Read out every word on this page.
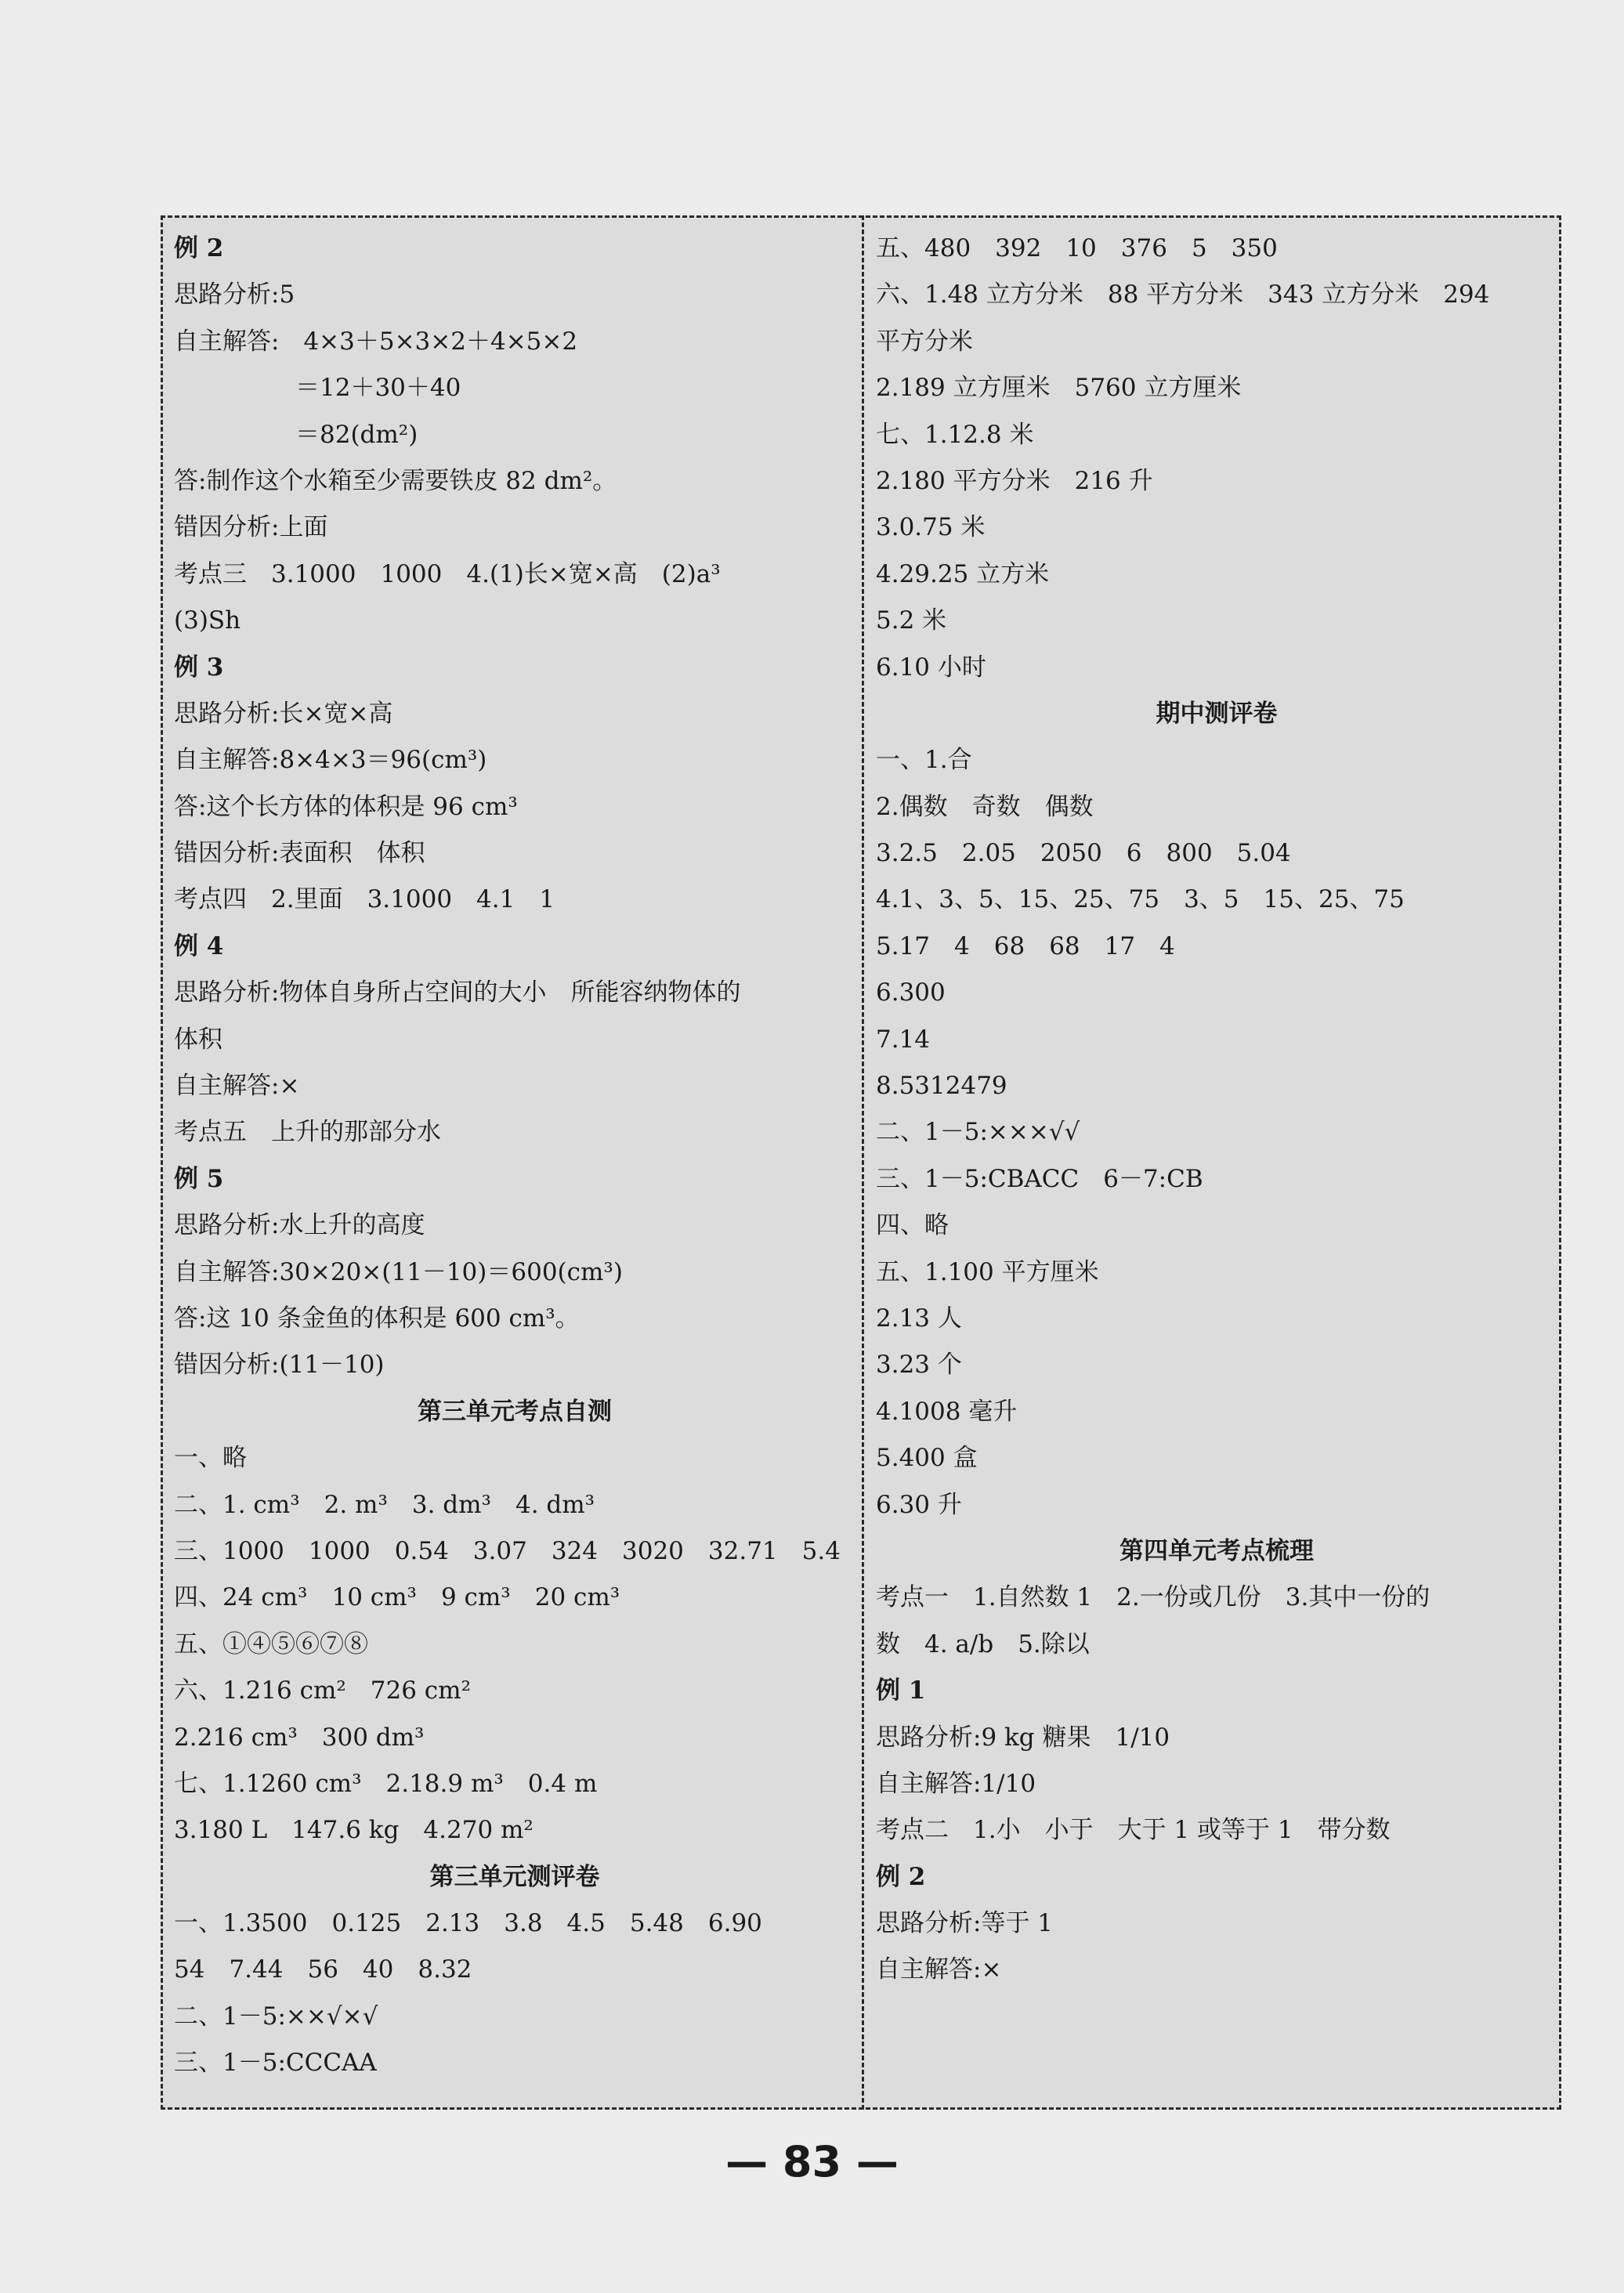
例 2
思路分析:5
自主解答:　4×3＋5×3×2＋4×5×2
　　　　　＝12＋30＋40
　　　　　＝82(dm²)
答:制作这个水箱至少需要铁皮 82 dm²。
错因分析:上面
考点三　3.1000　1000　4.(1)长×宽×高　(2)a³
(3)Sh
例 3
思路分析:长×宽×高
自主解答:8×4×3＝96(cm³)
答:这个长方体的体积是 96 cm³
错因分析:表面积　体积
考点四　2.里面　3.1000　4.1　1
例 4
思路分析:物体自身所占空间的大小　所能容纳物体的
体积
自主解答:×
考点五　上升的那部分水
例 5
思路分析:水上升的高度
自主解答:30×20×(11－10)＝600(cm³)
答:这 10 条金鱼的体积是 600 cm³。
错因分析:(11－10)
第三单元考点自测
一、略
二、1. cm³　2. m³　3. dm³　4. dm³
三、1000　1000　0.54　3.07　324　3020　32.71　5.4
四、24 cm³　10 cm³　9 cm³　20 cm³
五、①④⑤⑥⑦⑧
六、1.216 cm²　726 cm²
2.216 cm³　300 dm³
七、1.1260 cm³　2.18.9 m³　0.4 m
3.180 L　147.6 kg　4.270 m²
第三单元测评卷
一、1.3500　0.125　2.13　3.8　4.5　5.48　6.90
54　7.44　56　40　8.32
二、1－5:××√×√
三、1－5:CCCAA
五、480　392　10　376　5　350
六、1.48 立方分米　88 平方分米　343 立方分米　294
平方分米
2.189 立方厘米　5760 立方厘米
七、1.12.8 米
2.180 平方分米　216 升
3.0.75 米
4.29.25 立方米
5.2 米
6.10 小时
期中测评卷
一、1.合
2.偶数　奇数　偶数
3.2.5　2.05　2050　6　800　5.04
4.1、3、5、15、25、75　3、5　15、25、75
5.17　4　68　68　17　4
6.300
7.14
8.5312479
二、1－5:×××√√
三、1－5:CBACC　6－7:CB
四、略
五、1.100 平方厘米
2.13 人
3.23 个
4.1008 毫升
5.400 盒
6.30 升
第四单元考点梳理
考点一　1.自然数 1　2.一份或几份　3.其中一份的
数　4. a/b　5.除以
例 1
思路分析:9 kg 糖果　1/10
自主解答:1/10
考点二　1.小　小于　大于 1 或等于 1　带分数
例 2
思路分析:等于 1
自主解答:×
— 83 —
